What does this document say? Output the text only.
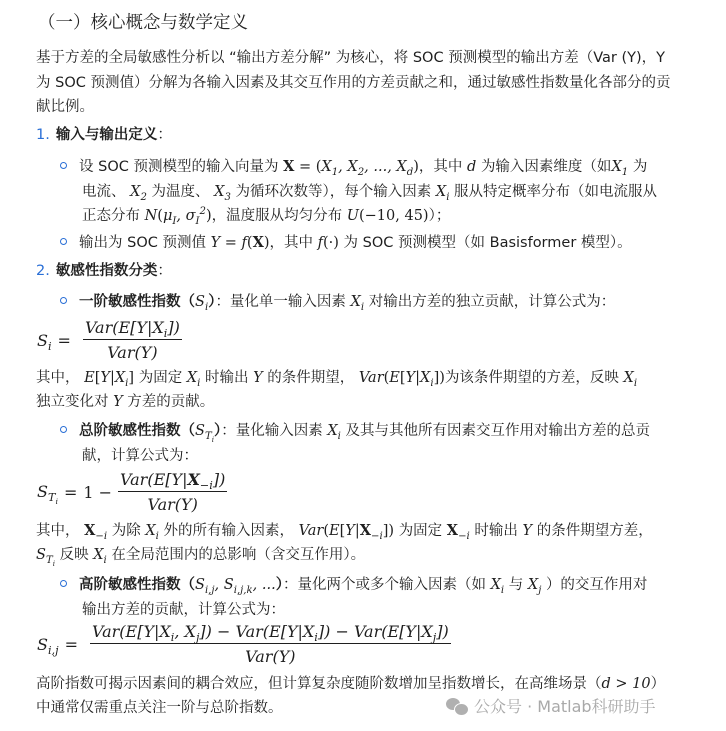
（一）核心概念与数学定义
基于方差的全局敏感性分析以 “输出方差分解” 为核心，将 SOC 预测模型的输出方差（Var (Y)，Y
为 SOC 预测值）分解为各输入因素及其交互作用的方差贡献之和，通过敏感性指数量化各部分的贡
献比例。
1. 输入与输出定义：
设 SOC 预测模型的输入向量为 $X = (X_1$, $X_2$, ..., $X_d$)，其中 d 为输入因素维度（如$X_1$ 为
电流、 $X_2$ 为温度、 $X_3$ 为循环次数等），每个输入因素 $X_i$ 服从特定概率分布（如电流服从
正态分布 $N(\mu_I$, $\sigma_I^2$)，温度服从均匀分布 U(−10, 45)）；
输出为 SOC 预测值 Y = f(X)，其中 f(·) 为 SOC 预测模型（如 Basisformer 模型）。
2. 敏感性指数分类：
一阶敏感性指数$(S_i)$：量化单一输入因素 $X_i$ 对输出方差的独立贡献，计算公式为：
$S_i = \frac{Var(E[Y|X_i])}{\text{Var(Y)}}$
其中， $E[Y|X_i]$ 为固定 $X_i$ 时输出 Y 的条件期望， $Var(E[Y|X_i])$为该条件期望的方差，反映 $X_i$
独立变化对 Y 方差的贡献。
总阶敏感性指数$(S_{T_i})$：量化输入因素 $X_i$ 及其与其他所有因素交互作用对输出方差的总贡
献，计算公式为：
$S_{T_i}$
= $1 - \frac{Var(E[Y|X_{-i}])}{\text{Var(Y)}}$
其中， $X_{-i}$ 为除 $X_i$ 外的所有输入因素， $Var(E[Y|X_{-i}])$ 为固定 $X_{-i}$ 时输出 Y 的条件期望方差，
$S_{T_i}$ 反映 $X_i$ 在全局范围内的总影响（含交互作用）。
高阶敏感性指数（$S_{i,j}$, $S_{i,j,k}$, ...）：量化两个或多个输入因素（如 $X_i$ 与 $X_j$ ）的交互作用对
输出方差的贡献，计算公式为：
$S_{i,j} = \frac{Var(E[Y|X_i, X_j]) - Var(E[Y|X_i]) - Var(E[Y|X_j])}{\text{Var(Y)}}$
高阶指数可揭示因素间的耦合效应，但计算复杂度随阶数增加呈指数增长，在高维场景（d > 10）
中通常仅需重点关注一阶与总阶指数。	公众号 · Matlab科研助手
